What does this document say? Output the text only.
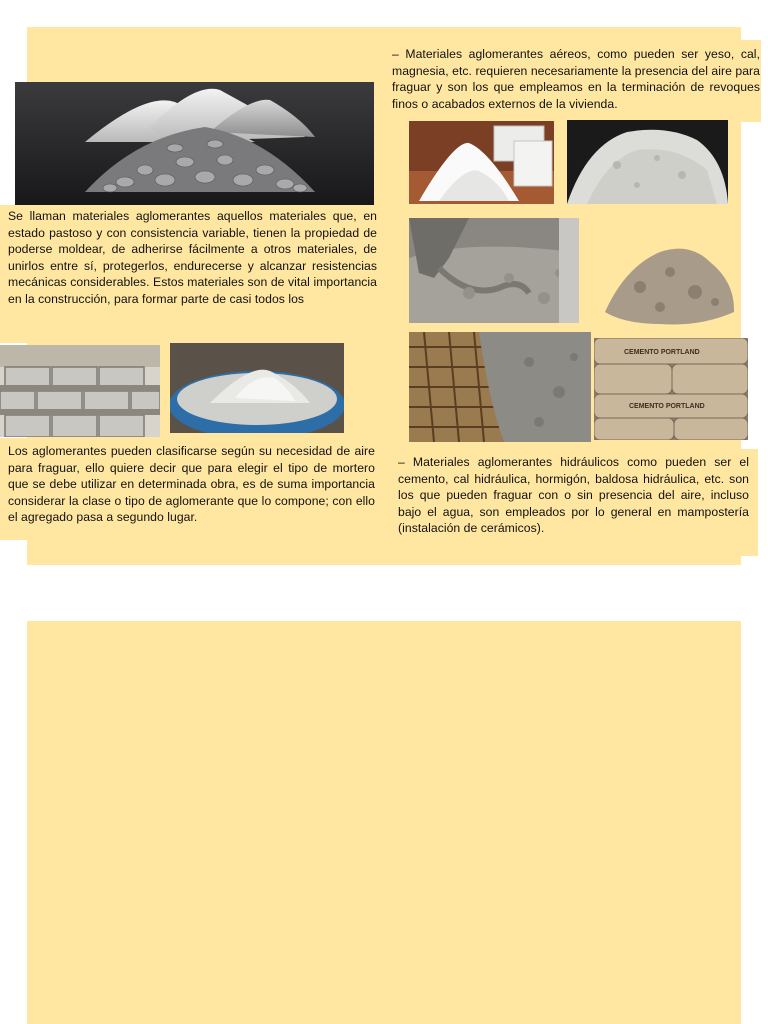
Se llaman materiales aglomerantes aquellos materiales que, en estado pastoso y con consistencia variable, tienen la propiedad de poderse moldear, de adherirse fácilmente a otros materiales, de unirlos entre sí, protegerlos, endurecerse y alcanzar resistencias mecánicas considerables. Estos materiales son de vital importancia en la construcción, para formar parte de casi todos los

Los aglomerantes pueden clasificarse según su necesidad de aire para fraguar, ello quiere decir que para elegir el tipo de mortero que se debe utilizar en determinada obra, es de suma importancia considerar la clase o tipo de aglomerante que lo compone; con ello el agregado pasa a segundo lugar.

– Materiales aglomerantes aéreos, como pueden ser yeso, cal, magnesia, etc. requieren necesariamente la presencia del aire para fraguar y son los que empleamos en la terminación de revoques finos o acabados externos de la vivienda.

CEMENTO PORTLAND
CEMENTO PORTLAND

– Materiales aglomerantes hidráulicos como pueden ser el cemento, cal hidráulica, hormigón, baldosa hidráulica, etc. son los que pueden fraguar con o sin presencia del aire, incluso bajo el agua, son empleados por lo general en mampostería (instalación de cerámicos).
